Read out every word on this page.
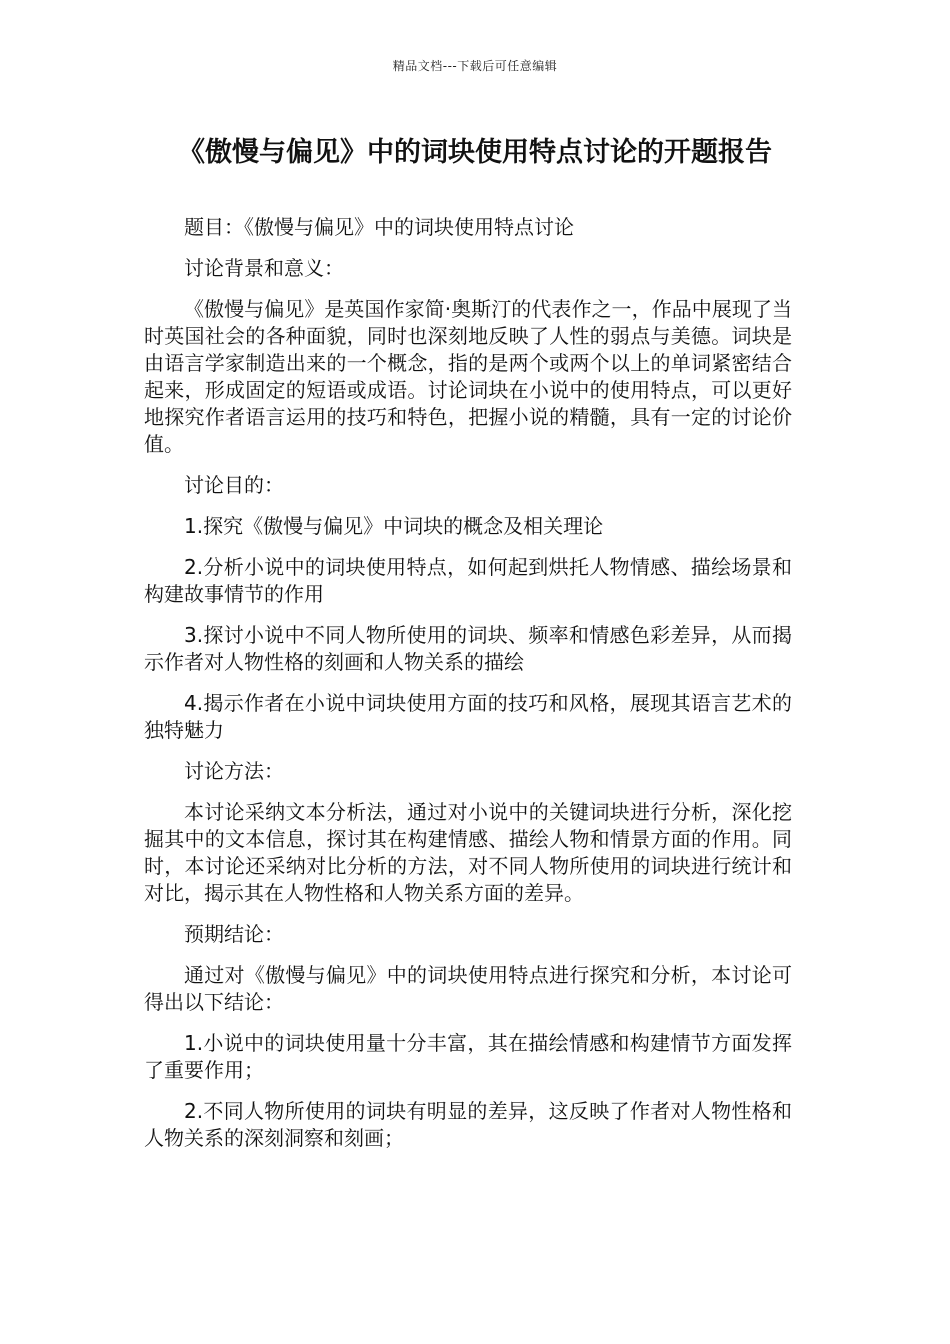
精品文档---下载后可任意编辑
《傲慢与偏见》中的词块使用特点讨论的开题报告

题目：《傲慢与偏见》中的词块使用特点讨论

讨论背景和意义：

《傲慢与偏见》是英国作家简·奥斯汀的代表作之一，作品中展现了当时英国社会的各种面貌，同时也深刻地反映了人性的弱点与美德。词块是由语言学家制造出来的一个概念，指的是两个或两个以上的单词紧密结合起来，形成固定的短语或成语。讨论词块在小说中的使用特点，可以更好地探究作者语言运用的技巧和特色，把握小说的精髓，具有一定的讨论价值。

讨论目的：

1.探究《傲慢与偏见》中词块的概念及相关理论

2.分析小说中的词块使用特点，如何起到烘托人物情感、描绘场景和构建故事情节的作用

3.探讨小说中不同人物所使用的词块、频率和情感色彩差异，从而揭示作者对人物性格的刻画和人物关系的描绘

4.揭示作者在小说中词块使用方面的技巧和风格，展现其语言艺术的独特魅力

讨论方法：

本讨论采纳文本分析法，通过对小说中的关键词块进行分析，深化挖掘其中的文本信息，探讨其在构建情感、描绘人物和情景方面的作用。同时，本讨论还采纳对比分析的方法，对不同人物所使用的词块进行统计和对比，揭示其在人物性格和人物关系方面的差异。

预期结论：

通过对《傲慢与偏见》中的词块使用特点进行探究和分析，本讨论可得出以下结论：

1.小说中的词块使用量十分丰富，其在描绘情感和构建情节方面发挥了重要作用；

2.不同人物所使用的词块有明显的差异，这反映了作者对人物性格和人物关系的深刻洞察和刻画；
